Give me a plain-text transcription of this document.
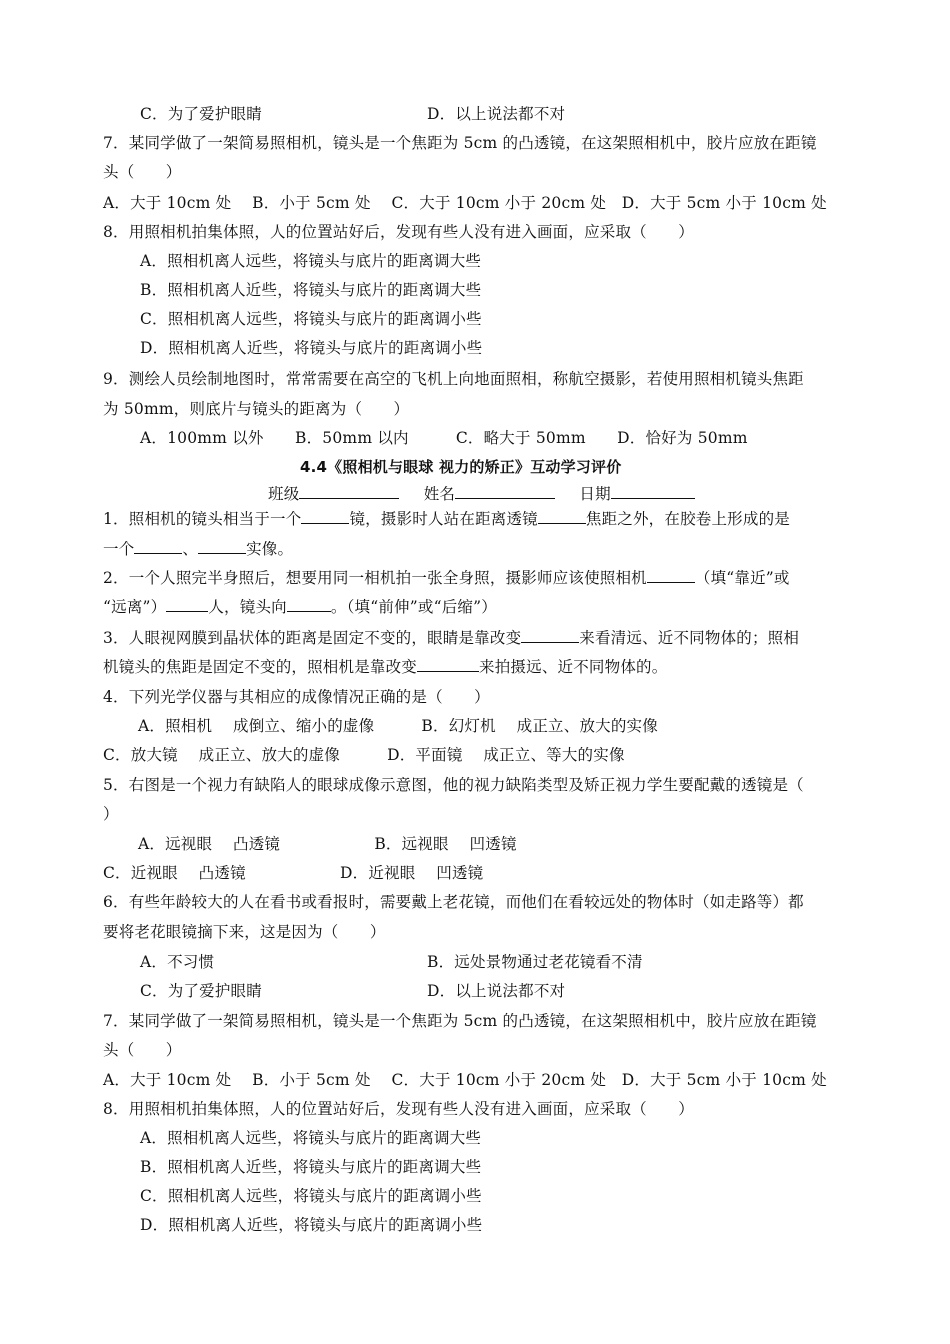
C．为了爱护眼睛	D．以上说法都不对
7．某同学做了一架简易照相机，镜头是一个焦距为 5cm 的凸透镜，在这架照相机中，胶片应放在距镜
头（　　）
A．大于 10cm 处　 B．小于 5cm 处　 C．大于 10cm 小于 20cm 处　D．大于 5cm 小于 10cm 处
8．用照相机拍集体照，人的位置站好后，发现有些人没有进入画面，应采取（　　）
A．照相机离人远些，将镜头与底片的距离调大些
B．照相机离人近些，将镜头与底片的距离调大些
C．照相机离人远些，将镜头与底片的距离调小些
D．照相机离人近些，将镜头与底片的距离调小些
9．测绘人员绘制地图时，常常需要在高空的飞机上向地面照相，称航空摄影，若使用照相机镜头焦距
为 50mm，则底片与镜头的距离为（　　）
A．100mm 以外　　B．50mm 以内　　　C．略大于 50mm　　D．恰好为 50mm
4.4《照相机与眼球 视力的矫正》互动学习评价
班级	姓名	日期
1．照相机的镜头相当于一个	镜，摄影时人站在距离透镜	焦距之外，在胶卷上形成的是
一个	、	实像。
2．一个人照完半身照后，想要用同一相机拍一张全身照，摄影师应该使照相机	（填“靠近”或
“远离”）	人，镜头向	。（填“前伸”或“后缩”）
3．人眼视网膜到晶状体的距离是固定不变的，眼睛是靠改变	来看清远、近不同物体的；照相
机镜头的焦距是固定不变的，照相机是靠改变	来拍摄远、近不同物体的。
4．下列光学仪器与其相应的成像情况正确的是（　　）
A．照相机　 成倒立、缩小的虚像　　　B．幻灯机　 成正立、放大的实像
C．放大镜　 成正立、放大的虚像　　　D．平面镜　 成正立、等大的实像
5．右图是一个视力有缺陷人的眼球成像示意图，他的视力缺陷类型及矫正视力学生要配戴的透镜是（
）
A．远视眼　 凸透镜　　　　　　B．远视眼　 凹透镜
C．近视眼　 凸透镜　　　　　　D．近视眼　 凹透镜
6．有些年龄较大的人在看书或看报时，需要戴上老花镜，而他们在看较远处的物体时（如走路等）都
要将老花眼镜摘下来，这是因为（　　）
A．不习惯	B．远处景物通过老花镜看不清
C．为了爱护眼睛	D．以上说法都不对
7．某同学做了一架简易照相机，镜头是一个焦距为 5cm 的凸透镜，在这架照相机中，胶片应放在距镜
头（　　）
A．大于 10cm 处　 B．小于 5cm 处　 C．大于 10cm 小于 20cm 处　D．大于 5cm 小于 10cm 处
8．用照相机拍集体照，人的位置站好后，发现有些人没有进入画面，应采取（　　）
A．照相机离人远些，将镜头与底片的距离调大些
B．照相机离人近些，将镜头与底片的距离调大些
C．照相机离人远些，将镜头与底片的距离调小些
D．照相机离人近些，将镜头与底片的距离调小些
